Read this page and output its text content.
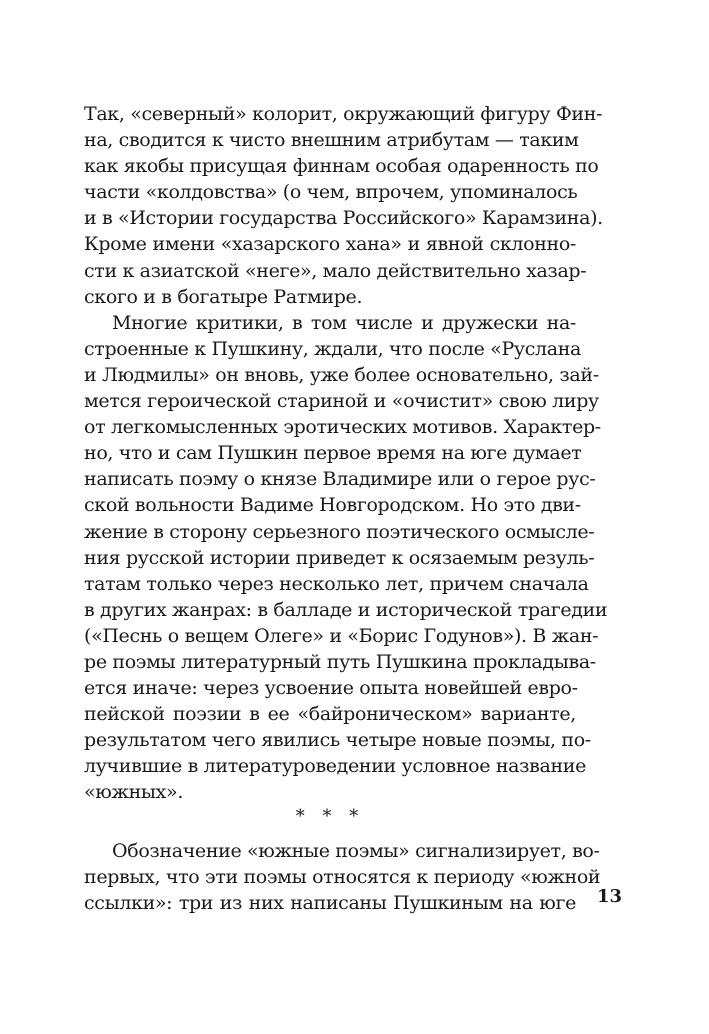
Так, «северный» колорит, окружающий фигуру Фин-
на, сводится к чисто внешним атрибутам — таким
как якобы присущая финнам особая одаренность по
части «колдовства» (о чем, впрочем, упоминалось
и в «Истории государства Российского» Карамзина).
Кроме имени «хазарского хана» и явной склонно-
сти к азиатской «неге», мало действительно хазар-
ского и в богатыре Ратмире.
Многие критики, в том числе и дружески на-
строенные к Пушкину, ждали, что после «Руслана
и Людмилы» он вновь, уже более основательно, зай-
мется героической стариной и «очистит» свою лиру
от легкомысленных эротических мотивов. Характер-
но, что и сам Пушкин первое время на юге думает
написать поэму о князе Владимире или о герое рус-
ской вольности Вадиме Новгородском. Но это дви-
жение в сторону серьезного поэтического осмысле-
ния русской истории приведет к осязаемым резуль-
татам только через несколько лет, причем сначала
в других жанрах: в балладе и исторической трагедии
(«Песнь о вещем Олеге» и «Борис Годунов»). В жан-
ре поэмы литературный путь Пушкина прокладыва-
ется иначе: через усвоение опыта новейшей евро-
пейской поэзии в ее «байроническом» варианте,
результатом чего явились четыре новые поэмы, по-
лучившие в литературоведении условное название
«южных».
* * *
Обозначение «южные поэмы» сигнализирует, во-
первых, что эти поэмы относятся к периоду «южной
ссылки»: три из них написаны Пушкиным на юге 13
